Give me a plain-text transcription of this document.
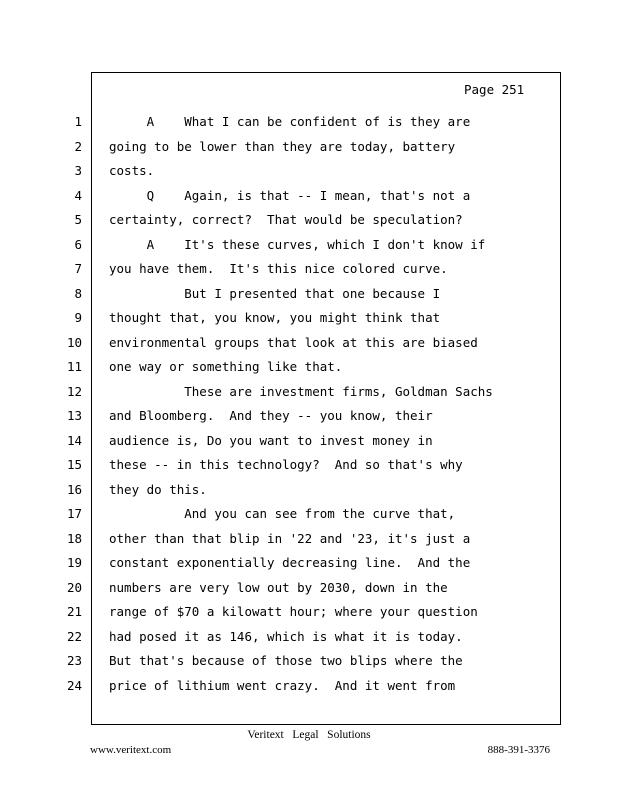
Page 251
1
2
3
4
5
6
7
8
9
10
11
12
13
14
15
16
17
18
19
20
21
22
23
24
A    What I can be confident of is they are
going to be lower than they are today, battery
costs.
Q    Again, is that -- I mean, that's not a
certainty, correct?  That would be speculation?
A    It's these curves, which I don't know if
you have them.  It's this nice colored curve.
But I presented that one because I
thought that, you know, you might think that
environmental groups that look at this are biased
one way or something like that.
These are investment firms, Goldman Sachs
and Bloomberg.  And they -- you know, their
audience is, Do you want to invest money in
these -- in this technology?  And so that's why
they do this.
And you can see from the curve that,
other than that blip in '22 and '23, it's just a
constant exponentially decreasing line.  And the
numbers are very low out by 2030, down in the
range of $70 a kilowatt hour; where your question
had posed it as 146, which is what it is today.
But that's because of those two blips where the
price of lithium went crazy.  And it went from
Veritext   Legal   Solutions
www.veritext.com	888-391-3376
